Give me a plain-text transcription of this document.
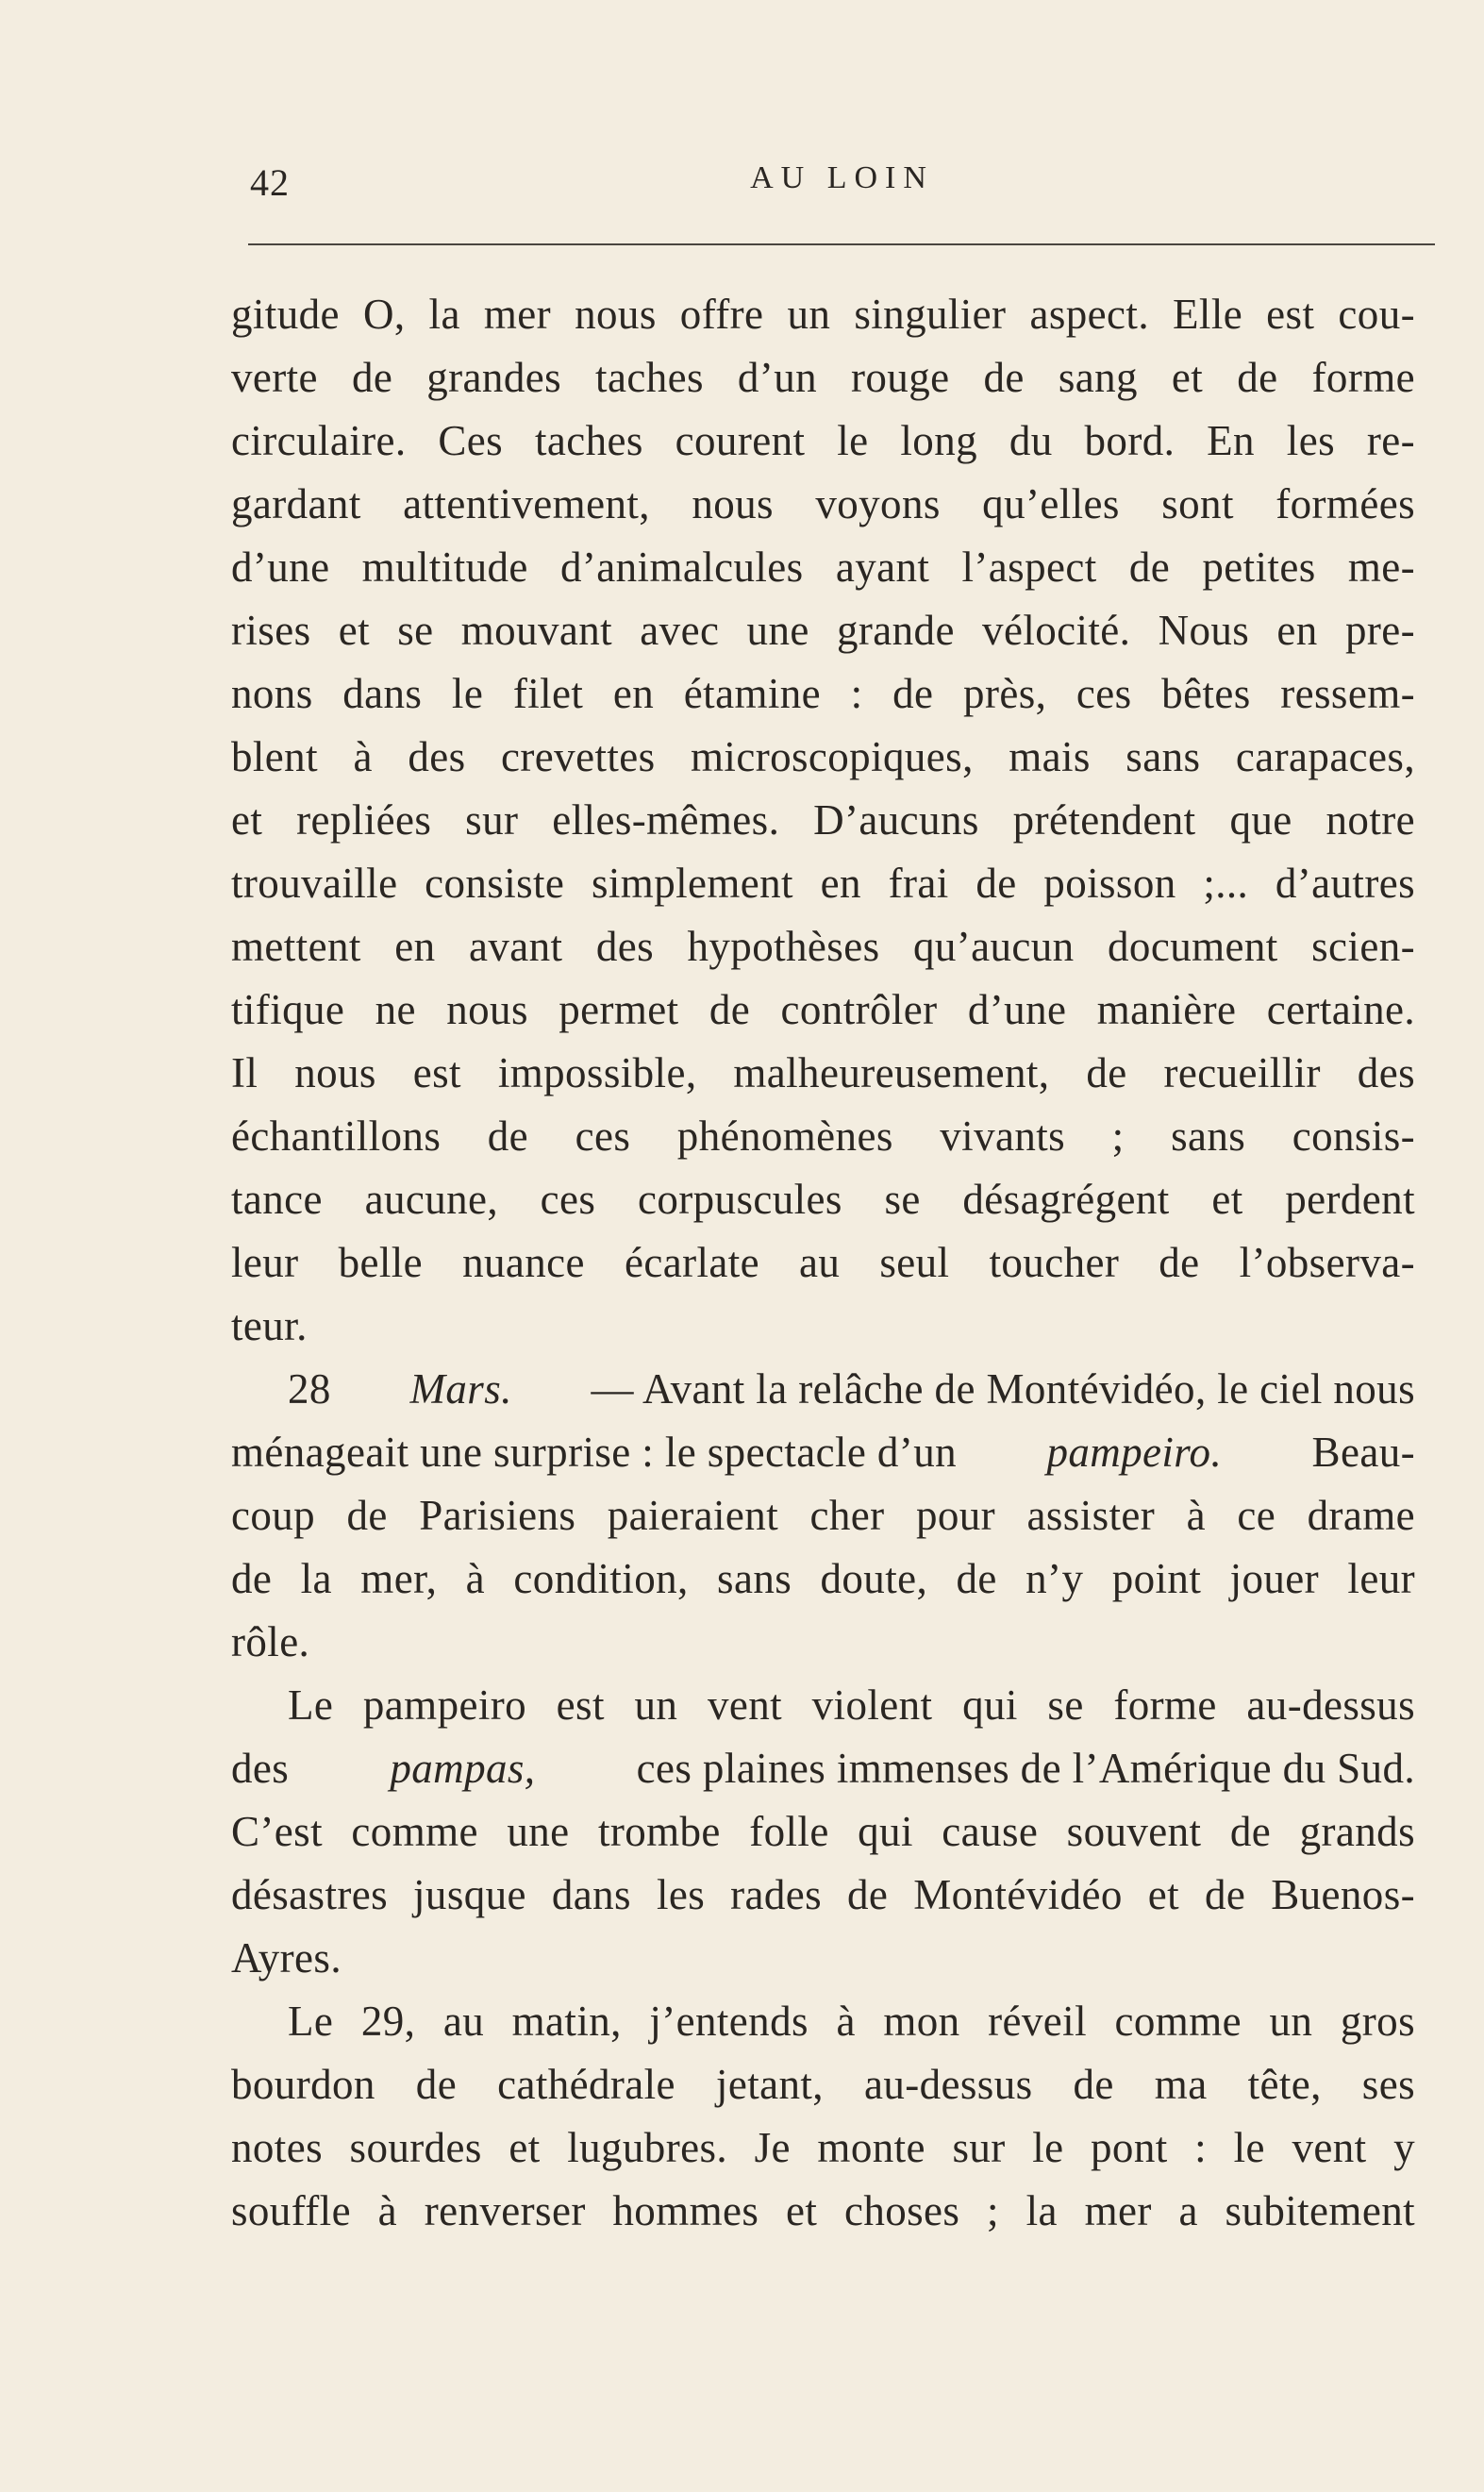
42	AU LOIN
gitude O, la mer nous offre un singulier aspect. Elle est cou-
verte de grandes taches d’un rouge de sang et de forme
circulaire. Ces taches courent le long du bord. En les re-
gardant attentivement, nous voyons qu’elles sont formées
d’une multitude d’animalcules ayant l’aspect de petites me-
rises et se mouvant avec une grande vélocité. Nous en pre-
nons dans le filet en étamine : de près, ces bêtes ressem-
blent à des crevettes microscopiques, mais sans carapaces,
et repliées sur elles-mêmes. D’aucuns prétendent que notre
trouvaille consiste simplement en frai de poisson ;... d’autres
mettent en avant des hypothèses qu’aucun document scien-
tifique ne nous permet de contrôler d’une manière certaine.
Il nous est impossible, malheureusement, de recueillir des
échantillons de ces phénomènes vivants ; sans consis-
tance aucune, ces corpuscules se désagrégent et perdent
leur belle nuance écarlate au seul toucher de l’observa-
teur.
28 Mars. — Avant la relâche de Montévidéo, le ciel nous
ménageait une surprise : le spectacle d’un pampeiro. Beau-
coup de Parisiens paieraient cher pour assister à ce drame
de la mer, à condition, sans doute, de n’y point jouer leur
rôle.
Le pampeiro est un vent violent qui se forme au-dessus
des pampas, ces plaines immenses de l’Amérique du Sud.
C’est comme une trombe folle qui cause souvent de grands
désastres jusque dans les rades de Montévidéo et de Buenos-
Ayres.
Le 29, au matin, j’entends à mon réveil comme un gros
bourdon de cathédrale jetant, au-dessus de ma tête, ses
notes sourdes et lugubres. Je monte sur le pont : le vent y
souffle à renverser hommes et choses ; la mer a subitement
